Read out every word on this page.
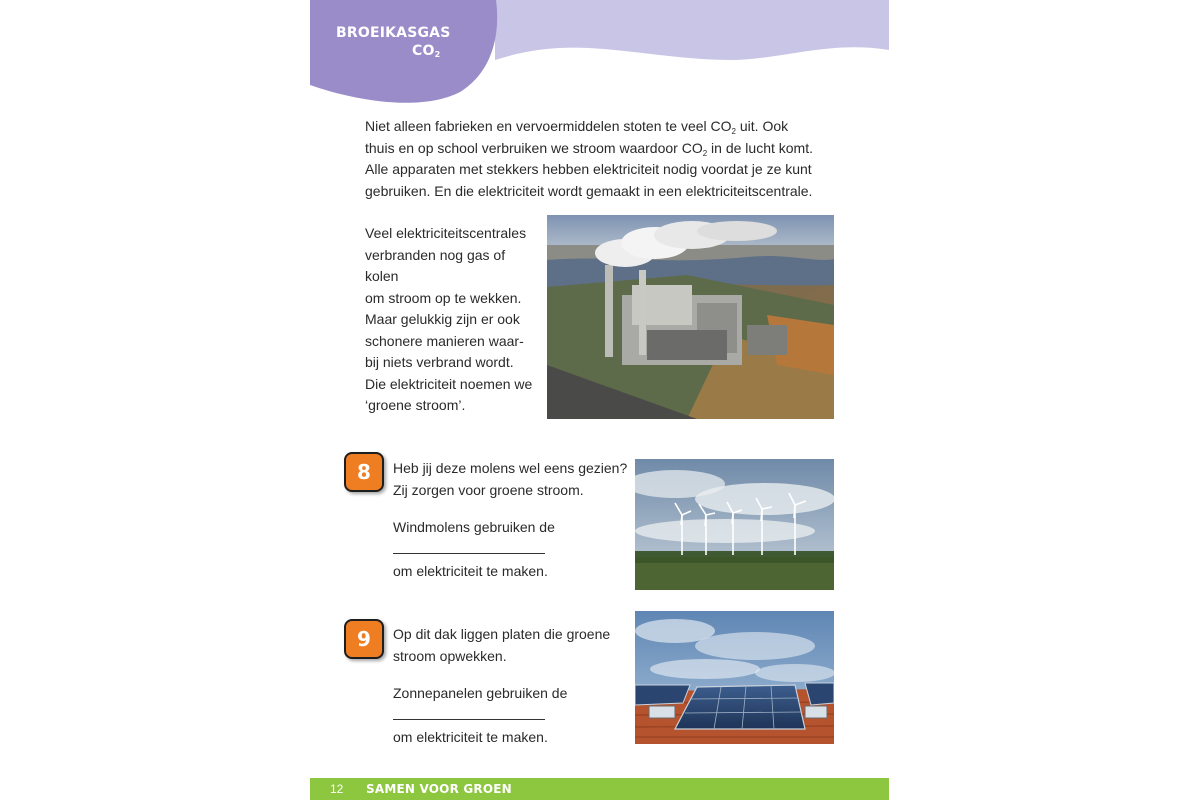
BROEIKASGAS
$CO_2$

Niet alleen fabrieken en vervoermiddelen stoten te veel $CO_2$ uit. Ook thuis en op school verbruiken we stroom waardoor $CO_2$ in de lucht komt. Alle apparaten met stekkers hebben elektriciteit nodig voordat je ze kunt gebruiken. En die elektriciteit wordt gemaakt in een elektriciteitscentrale.

Veel elektriciteitscentrales
verbranden nog gas of kolen
om stroom op te wekken.
Maar gelukkig zijn er ook
schonere manieren waar-
bij niets verbrand wordt.
Die elektriciteit noemen we
‘groene stroom’.

8	Heb jij deze molens wel eens gezien?
Zij zorgen voor groene stroom.

Windmolens gebruiken de

om elektriciteit te maken.

9	Op dit dak liggen platen die groene
stroom opwekken.

Zonnepanelen gebruiken de

om elektriciteit te maken.

12	SAMEN VOOR GROEN
